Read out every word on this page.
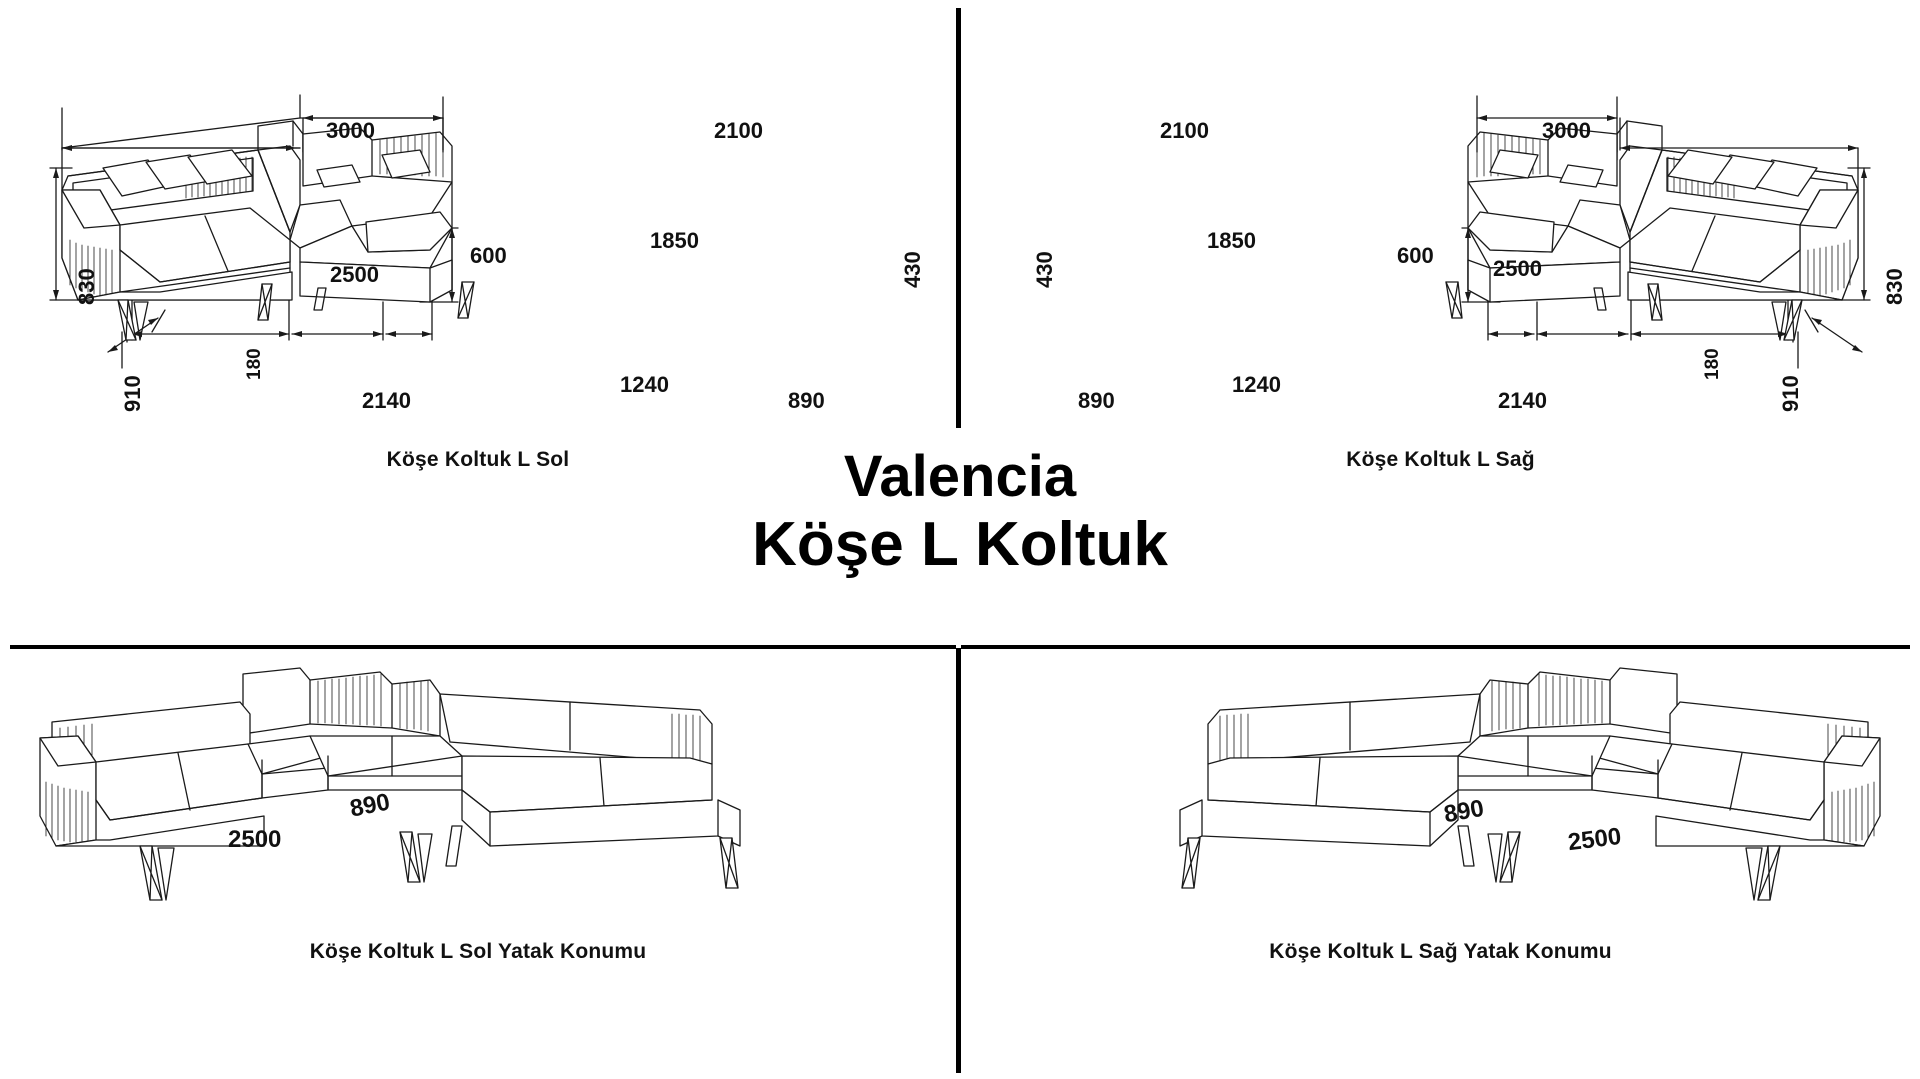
3000	2100
830
600
2500
1850
430
180
2140
1240
890
910
Köşe Koltuk L Sol	Köşe Koltuk L Sağ
2100	3000
830
600
2500
1850
430
180
2140
1240
890	910
Valencia
Köşe L Koltuk
Köşe Koltuk L Sol Yatak Konumu
2500
890
Köşe Koltuk L Sağ Yatak Konumu
890
2500
